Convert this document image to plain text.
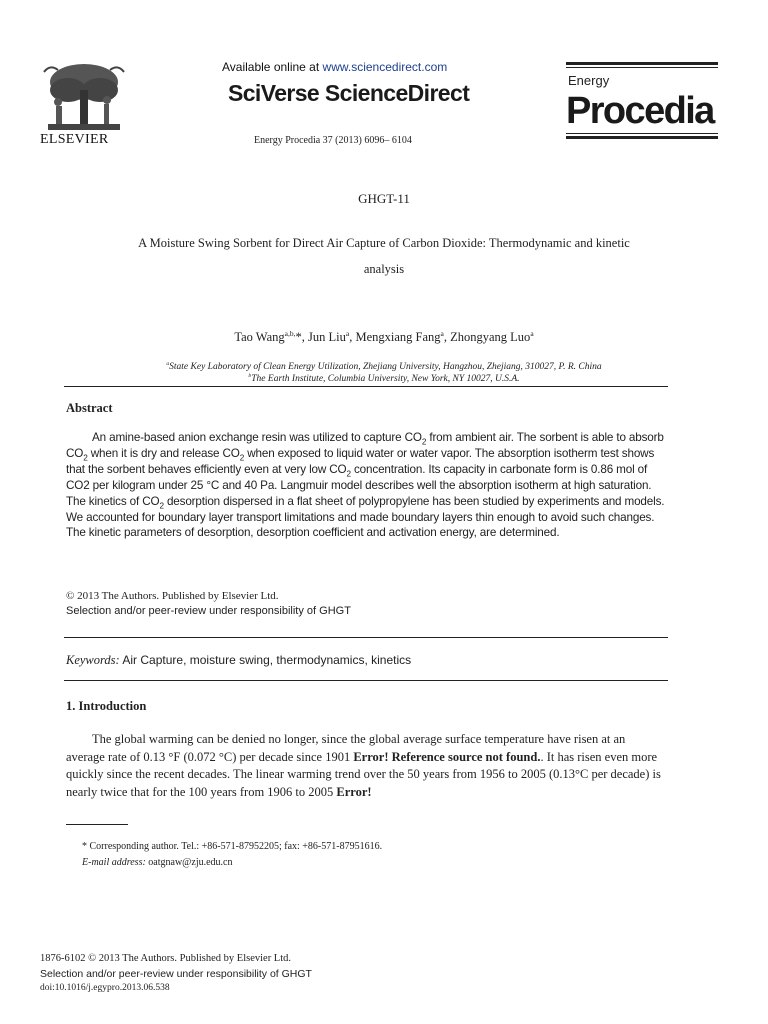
ELSEVIER
Available online at www.sciencedirect.com
SciVerse ScienceDirect
Energy Procedia 37 (2013) 6096– 6104
Energy
Procedia
GHGT-11
A Moisture Swing Sorbent for Direct Air Capture of Carbon Dioxide: Thermodynamic and kinetic
analysis
Tao Wang$^{a,b,}$*, Jun Liu$^a$, Mengxiang Fang$^a$, Zhongyang Luo$^a$
$^a$State Key Laboratory of Clean Energy Utilization, Zhejiang University, Hangzhou, Zhejiang, 310027, P. R. China
$^b$The Earth Institute, Columbia University, New York, NY 10027, U.S.A.
Abstract

An amine-based anion exchange resin was utilized to capture $CO_2$ from ambient air. The sorbent is able to absorb $CO_2$ when it is dry and release $CO_2$ when exposed to liquid water or water vapor. The absorption isotherm test shows that the sorbent behaves efficiently even at very low $CO_2$ concentration. Its capacity in carbonate form is 0.86 mol of CO2 per kilogram under 25 °C and 40 Pa. Langmuir model describes well the absorption isotherm at high saturation. The kinetics of $CO_2$ desorption dispersed in a flat sheet of polypropylene has been studied by experiments and models. We accounted for boundary layer transport limitations and made boundary layers thin enough to avoid such changes. The kinetic parameters of desorption, desorption coefficient and activation energy, are determined.

© 2013 The Authors. Published by Elsevier Ltd.
Selection and/or peer-review under responsibility of GHGT
Keywords: Air Capture, moisture swing, thermodynamics, kinetics
1. Introduction
The global warming can be denied no longer, since the global average surface temperature have risen at an average rate of 0.13 °F (0.072 °C) per decade since 1901 Error! Reference source not found.. It has risen even more quickly since the recent decades. The linear warming trend over the 50 years from 1956 to 2005 (0.13°C per decade) is nearly twice that for the 100 years from 1906 to 2005 Error!
* Corresponding author. Tel.: +86-571-87952205; fax: +86-571-87951616.
E-mail address: oatgnaw@zju.edu.cn
1876-6102 © 2013 The Authors. Published by Elsevier Ltd.
Selection and/or peer-review under responsibility of GHGT
doi:10.1016/j.egypro.2013.06.538
